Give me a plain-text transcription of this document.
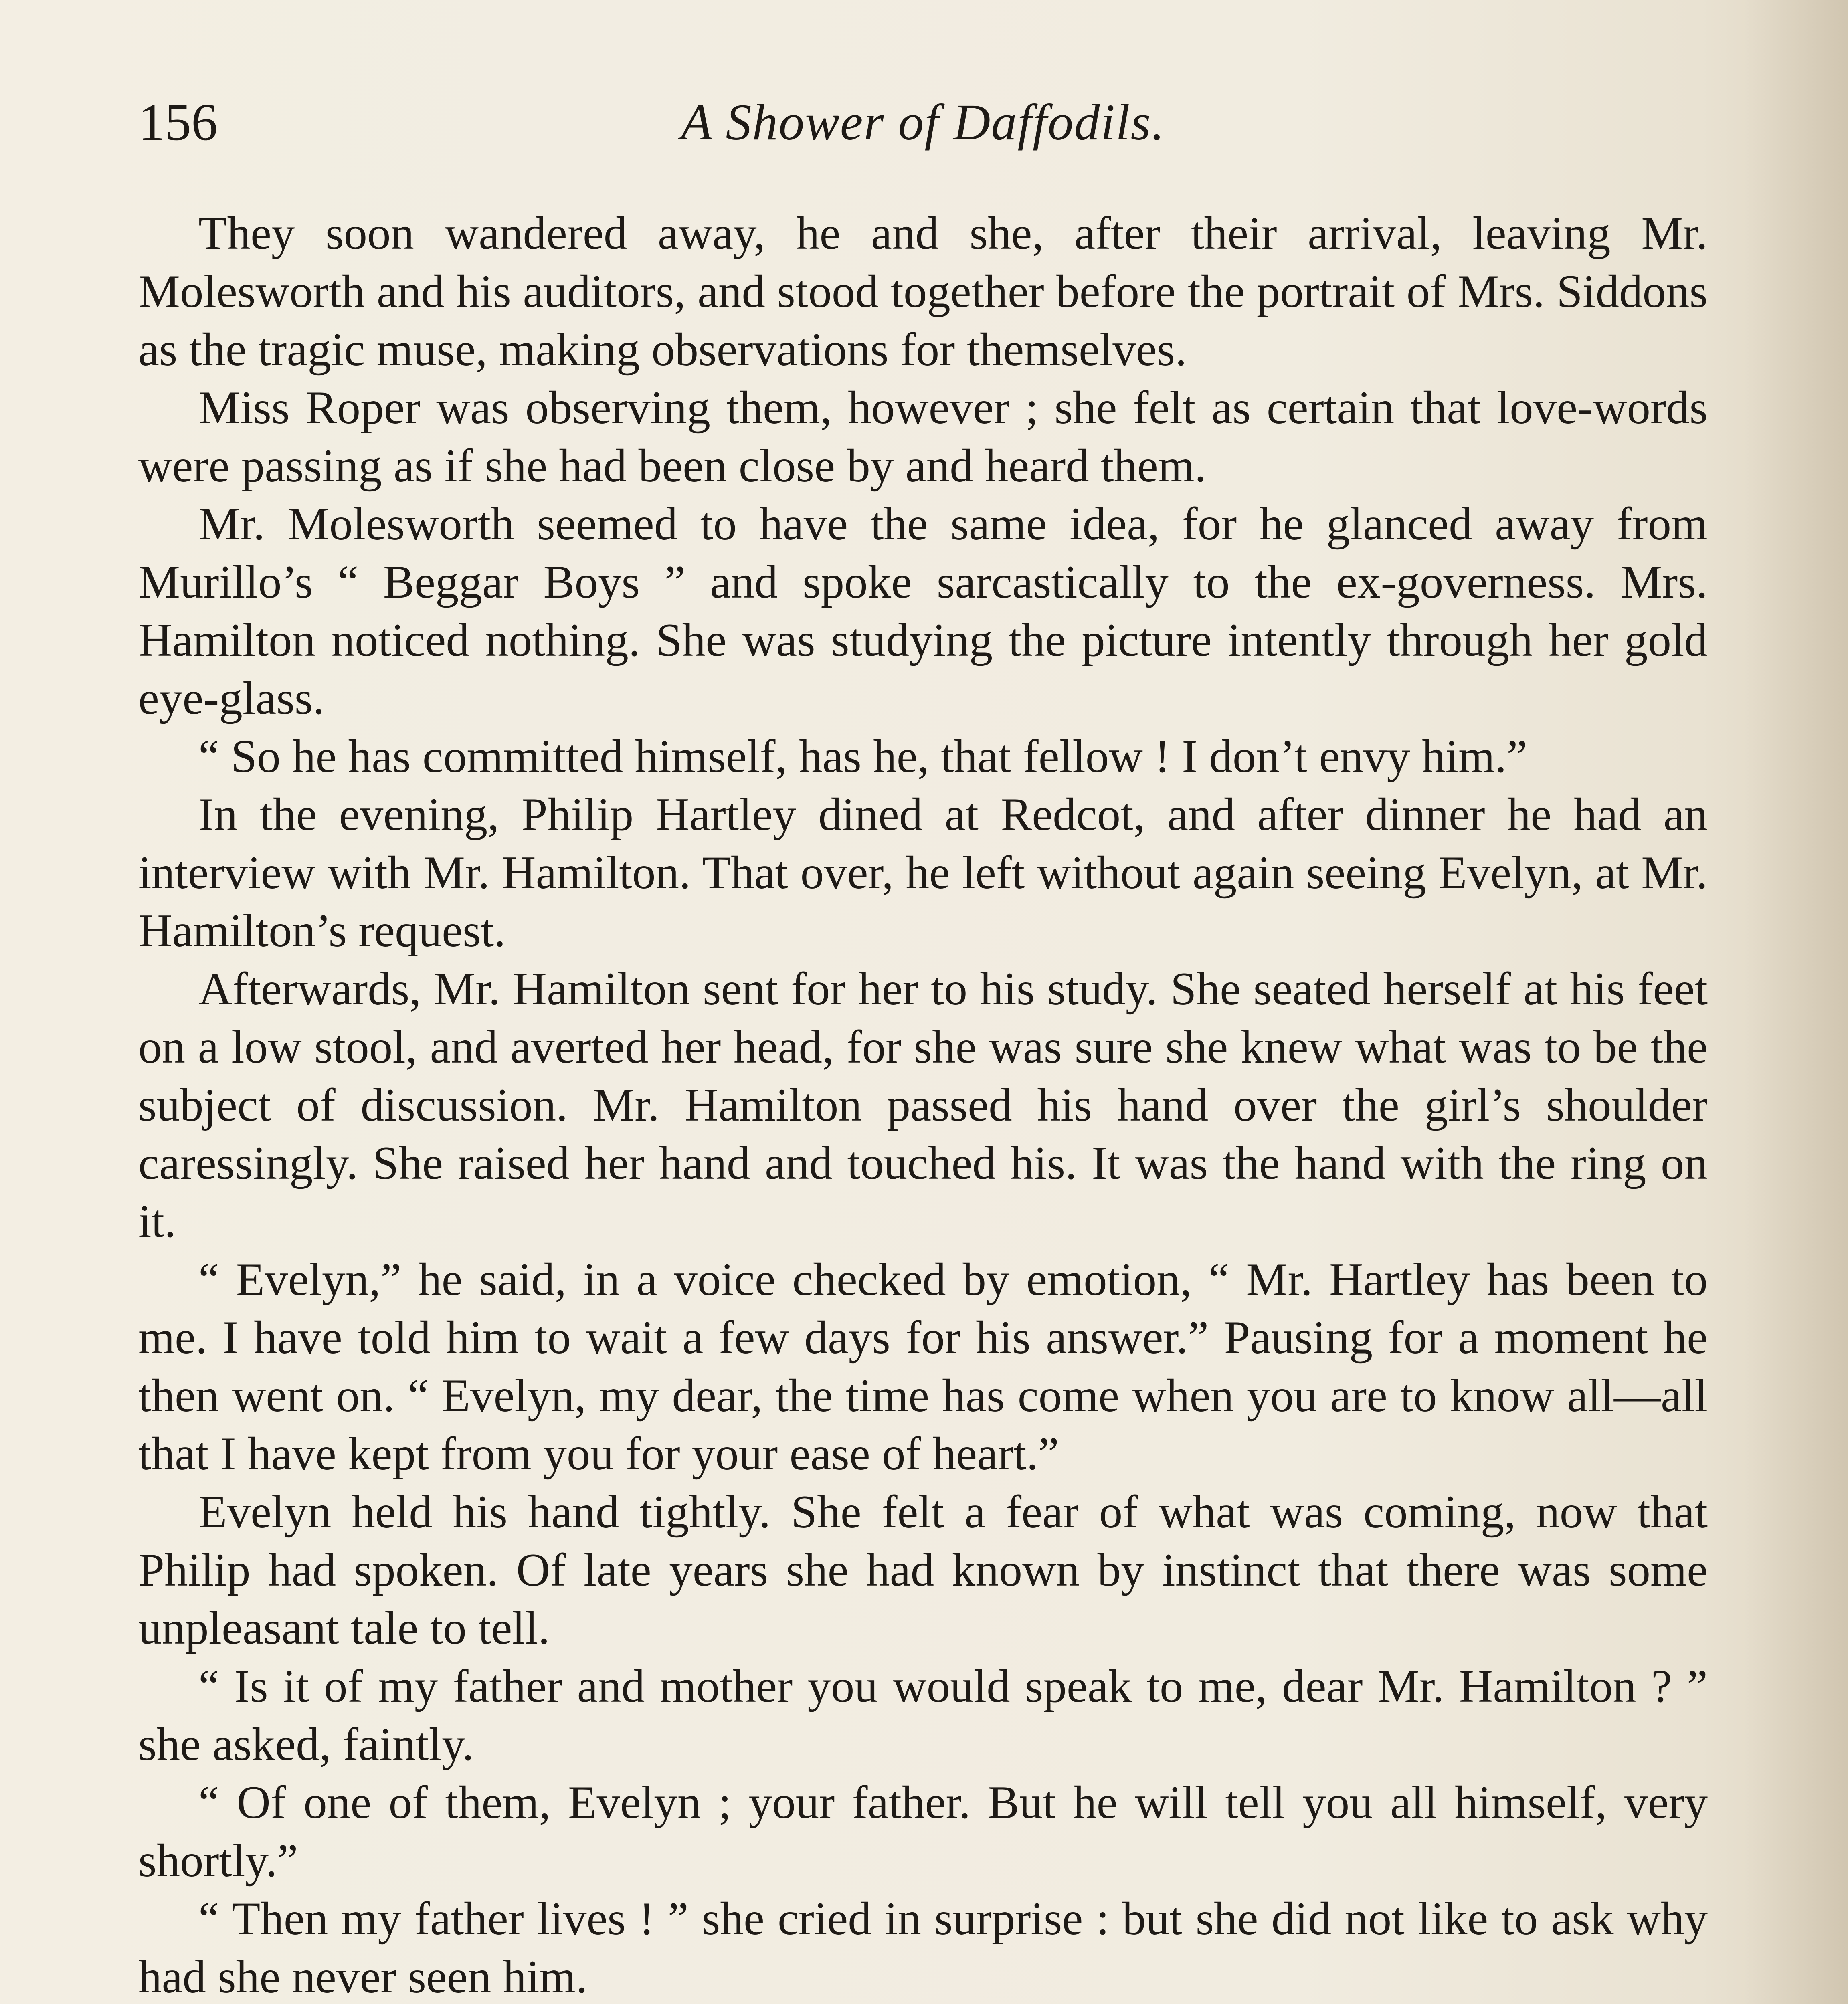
156	A Shower of Daffodils.

They soon wandered away, he and she, after their arrival, leaving Mr. Molesworth and his auditors, and stood together before the portrait of Mrs. Siddons as the tragic muse, making observations for themselves.

Miss Roper was observing them, however ; she felt as certain that love-words were passing as if she had been close by and heard them.

Mr. Molesworth seemed to have the same idea, for he glanced away from Murillo’s “ Beggar Boys ” and spoke sarcastically to the ex-governess. Mrs. Hamilton noticed nothing. She was studying the picture intently through her gold eye-glass.

“ So he has committed himself, has he, that fellow ! I don’t envy him.”

In the evening, Philip Hartley dined at Redcot, and after dinner he had an interview with Mr. Hamilton. That over, he left without again seeing Evelyn, at Mr. Hamilton’s request.

Afterwards, Mr. Hamilton sent for her to his study. She seated herself at his feet on a low stool, and averted her head, for she was sure she knew what was to be the subject of discussion. Mr. Hamilton passed his hand over the girl’s shoulder caressingly. She raised her hand and touched his. It was the hand with the ring on it.

“ Evelyn,” he said, in a voice checked by emotion, “ Mr. Hartley has been to me. I have told him to wait a few days for his answer.” Pausing for a moment he then went on. “ Evelyn, my dear, the time has come when you are to know all—all that I have kept from you for your ease of heart.”

Evelyn held his hand tightly. She felt a fear of what was coming, now that Philip had spoken. Of late years she had known by instinct that there was some unpleasant tale to tell.

“ Is it of my father and mother you would speak to me, dear Mr. Hamilton ? ” she asked, faintly.

“ Of one of them, Evelyn ; your father. But he will tell you all himself, very shortly.”

“ Then my father lives ! ” she cried in surprise : but she did not like to ask why had she never seen him.
